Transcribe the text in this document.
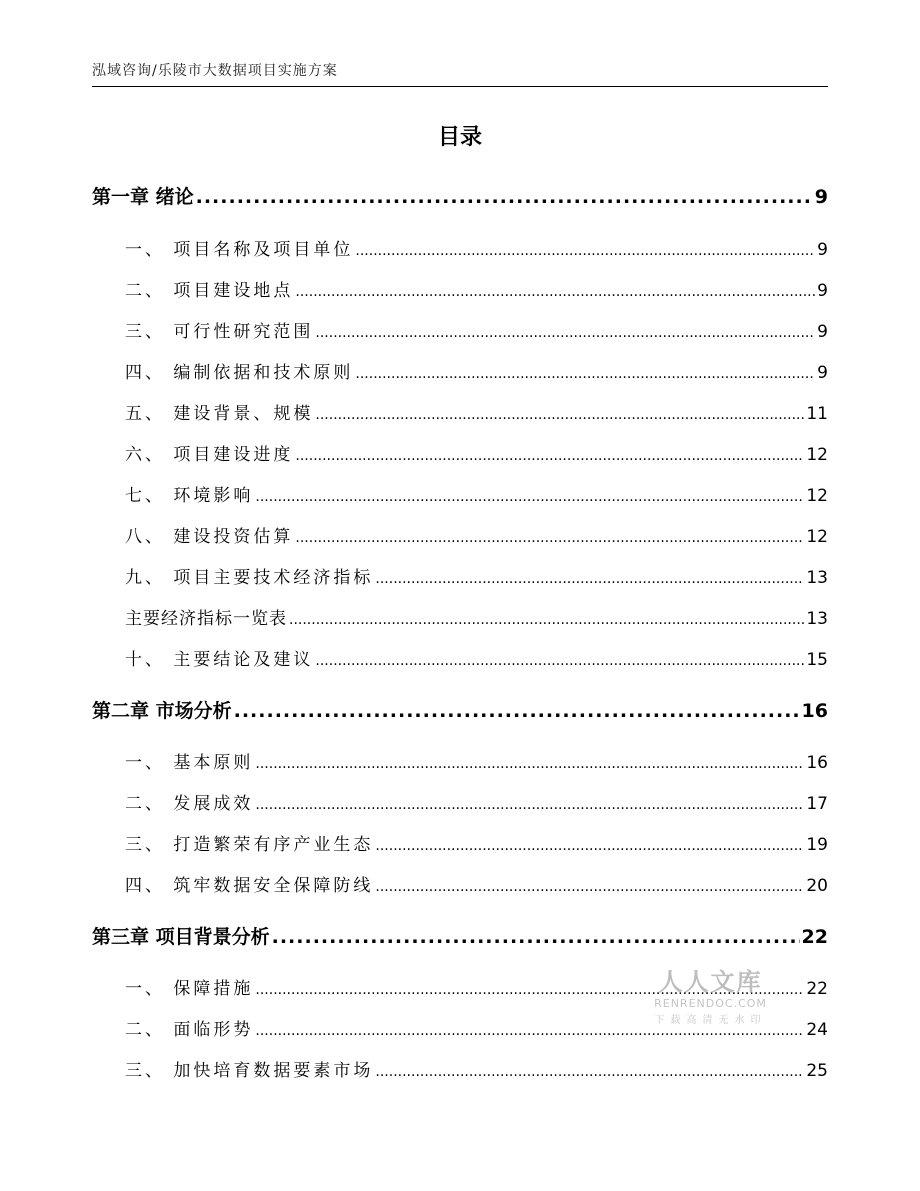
泓域咨询/乐陵市大数据项目实施方案
目录
第一章 绪论 .....	9
一、 项目名称及项目单位 .....	9
二、 项目建设地点 .....	9
三、 可行性研究范围 .....	9
四、 编制依据和技术原则 .....	9
五、 建设背景、规模 .....	11
六、 项目建设进度 .....	12
七、 环境影响 .....	12
八、 建设投资估算 .....	12
九、 项目主要技术经济指标 .....	13
主要经济指标一览表 .....	13
十、 主要结论及建议 .....	15
第二章 市场分析 .....	16
一、 基本原则 .....	16
二、 发展成效 .....	17
三、 打造繁荣有序产业生态 .....	19
四、 筑牢数据安全保障防线 .....	20
第三章 项目背景分析 .....	22
一、 保障措施 .....	22
二、 面临形势 .....	24
三、 加快培育数据要素市场 .....	25
人人文库
RENRENDOC.COM
下载高清无水印
